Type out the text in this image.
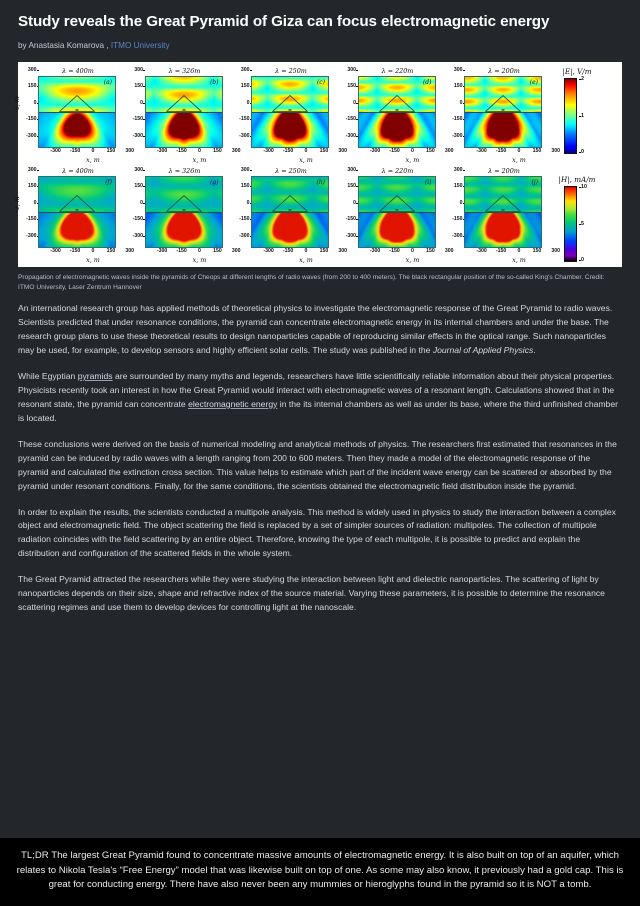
Study reveals the Great Pyramid of Giza can focus electromagnetic energy
by Anastasia Komarova , ITMO University
λ = 400m
z, m
300
150
0
-150
-300
(a)
-300 -150 0 150 300
x, m
λ = 326m
300
150
0
-150
-300
(b)
-300 -150 0 150 300
x, m
λ = 250m
300
150
0
-150
-300
(c)
-300 -150 0 150 300
x, m
λ = 220m
300
150
0
-150
-300
(d)
-300 -150 0 150 300
x, m
λ = 200m
300
150
0
-150
-300
(e)
-300 -150 0 150 300
x, m
λ = 400m
z, m
300
150
0
-150
-300
(f)
-300 -150 0 150 300
x, m
λ = 326m
300
150
0
-150
-300
(g)
-300 -150 0 150 300
x, m
λ = 250m
300
150
0
-150
-300
(h)
-300 -150 0 150 300
x, m
λ = 220m
300
150
0
-150
-300
(i)
-300 -150 0 150 300
x, m
λ = 200m
300
150
0
-150
-300
(j)
-300 -150 0 150 300
x, m
|E|, V/m
2
1
0
|H|, mA/m
10
5
0
Propagation of electromagnetic waves inside the pyramids of Cheops at different lengths of radio waves (from 200 to 400 meters). The black rectangular position of the so-called King's Chamber. Credit: ITMO University, Laser Zentrum Hannover

An international research group has applied methods of theoretical physics to investigate the electromagnetic response of the Great Pyramid to radio waves. Scientists predicted that under resonance conditions, the pyramid can concentrate electromagnetic energy in its internal chambers and under the base. The research group plans to use these theoretical results to design nanoparticles capable of reproducing similar effects in the optical range. Such nanoparticles may be used, for example, to develop sensors and highly efficient solar cells. The study was published in the Journal of Applied Physics.

While Egyptian pyramids are surrounded by many myths and legends, researchers have little scientifically reliable information about their physical properties. Physicists recently took an interest in how the Great Pyramid would interact with electromagnetic waves of a resonant length. Calculations showed that in the resonant state, the pyramid can concentrate electromagnetic energy in the its internal chambers as well as under its base, where the third unfinished chamber is located.

These conclusions were derived on the basis of numerical modeling and analytical methods of physics. The researchers first estimated that resonances in the pyramid can be induced by radio waves with a length ranging from 200 to 600 meters. Then they made a model of the electromagnetic response of the pyramid and calculated the extinction cross section. This value helps to estimate which part of the incident wave energy can be scattered or absorbed by the pyramid under resonant conditions. Finally, for the same conditions, the scientists obtained the electromagnetic field distribution inside the pyramid.

In order to explain the results, the scientists conducted a multipole analysis. This method is widely used in physics to study the interaction between a complex object and electromagnetic field. The object scattering the field is replaced by a set of simpler sources of radiation: multipoles. The collection of multipole radiation coincides with the field scattering by an entire object. Therefore, knowing the type of each multipole, it is possible to predict and explain the distribution and configuration of the scattered fields in the whole system.

The Great Pyramid attracted the researchers while they were studying the interaction between light and dielectric nanoparticles. The scattering of light by nanoparticles depends on their size, shape and refractive index of the source material. Varying these parameters, it is possible to determine the resonance scattering regimes and use them to develop devices for controlling light at the nanoscale.

TL;DR The largest Great Pyramid found to concentrate massive amounts of electromagnetic energy. It is also built on top of an aquifer, which relates to Nikola Tesla's “Free Energy” model that was likewise built on top of one. As some may also know, it previously had a gold cap. This is great for conducting energy. There have also never been any mummies or hieroglyphs found in the pyramid so it is NOT a tomb.
